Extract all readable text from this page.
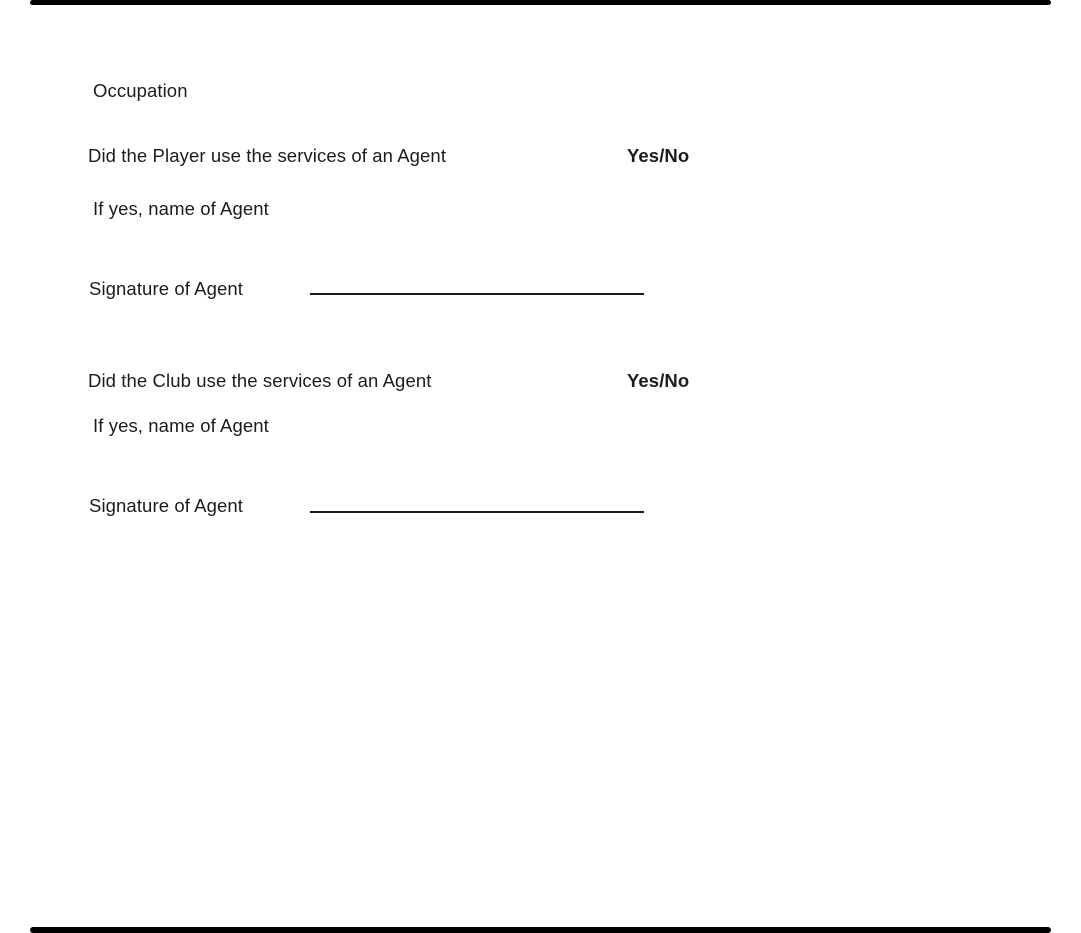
Occupation
Did the Player use the services of an Agent	Yes/No
If yes, name of Agent
Signature of Agent
Did the Club use the services of an Agent	Yes/No
If yes, name of Agent
Signature of Agent
